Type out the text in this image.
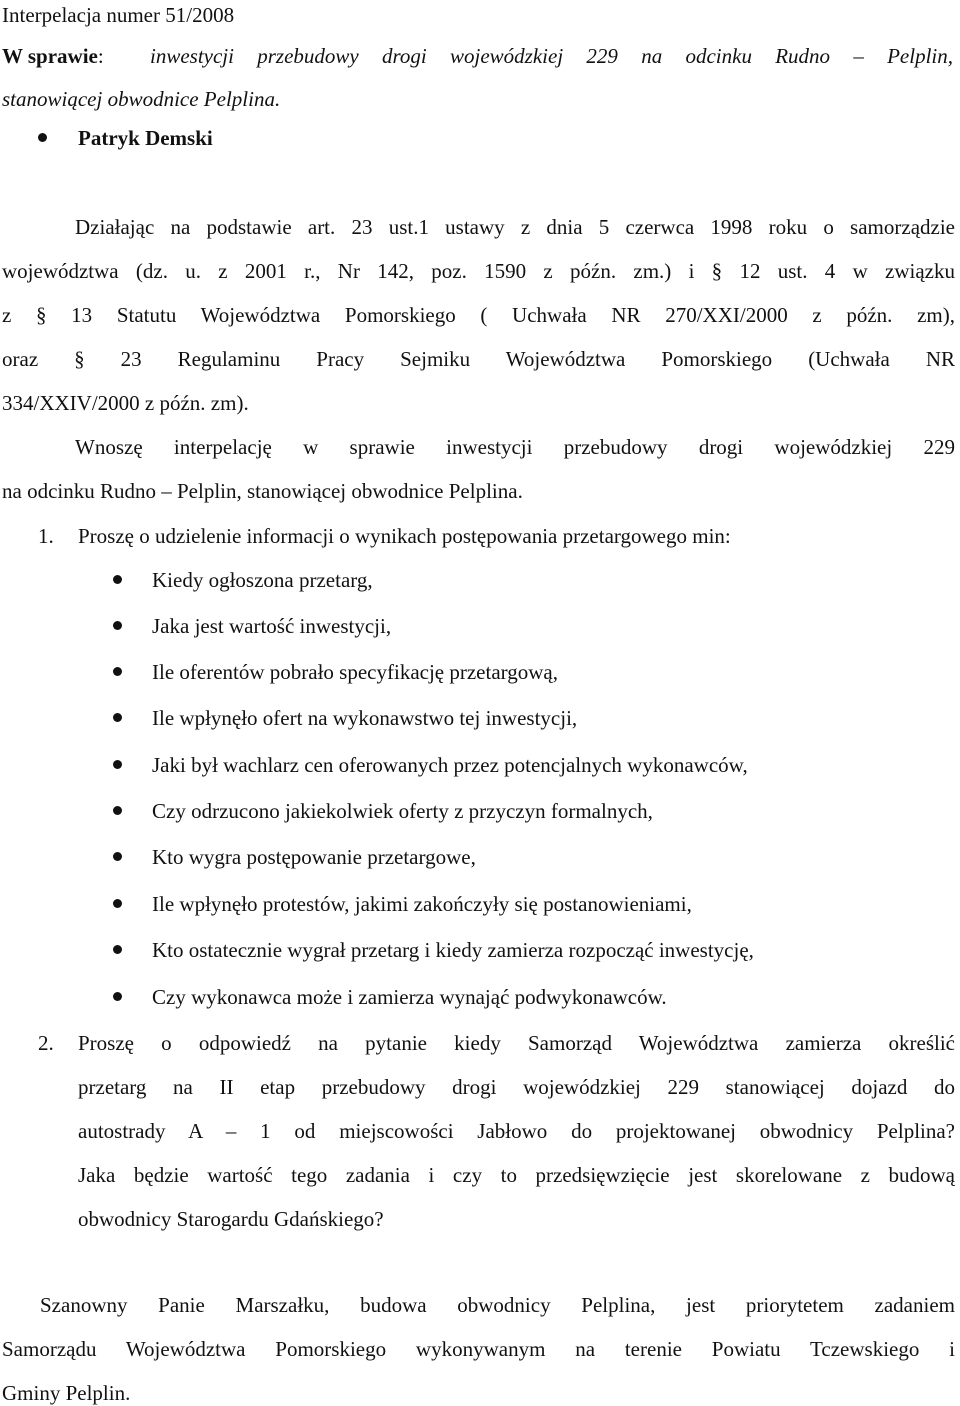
Interpelacja numer 51/2008
W sprawie: inwestycji przebudowy drogi wojewódzkiej 229 na odcinku Rudno – Pelplin,
stanowiącej obwodnice Pelplina.
Patryk Demski
Działając na podstawie art. 23 ust.1 ustawy z dnia 5 czerwca 1998 roku o samorządzie
województwa (dz. u. z 2001 r., Nr 142, poz. 1590 z późn. zm.) i § 12 ust. 4 w związku
z § 13 Statutu Województwa Pomorskiego ( Uchwała NR 270/XXI/2000 z późn. zm),
oraz § 23 Regulaminu Pracy Sejmiku Województwa Pomorskiego (Uchwała NR
334/XXIV/2000 z późn. zm).
Wnoszę interpelację w sprawie inwestycji przebudowy drogi wojewódzkiej 229
na odcinku Rudno – Pelplin, stanowiącej obwodnice Pelplina.
1. Proszę o udzielenie informacji o wynikach postępowania przetargowego min:
Kiedy ogłoszona przetarg,
Jaka jest wartość inwestycji,
Ile oferentów pobrało specyfikację przetargową,
Ile wpłynęło ofert na wykonawstwo tej inwestycji,
Jaki był wachlarz cen oferowanych przez potencjalnych wykonawców,
Czy odrzucono jakiekolwiek oferty z przyczyn formalnych,
Kto wygra postępowanie przetargowe,
Ile wpłynęło protestów, jakimi zakończyły się postanowieniami,
Kto ostatecznie wygrał przetarg i kiedy zamierza rozpocząć inwestycję,
Czy wykonawca może i zamierza wynająć podwykonawców.
2. Proszę o odpowiedź na pytanie kiedy Samorząd Województwa zamierza określić
przetarg na II etap przebudowy drogi wojewódzkiej 229 stanowiącej dojazd do
autostrady A – 1 od miejscowości Jabłowo do projektowanej obwodnicy Pelplina?
Jaka będzie wartość tego zadania i czy to przedsięwzięcie jest skorelowane z budową
obwodnicy Starogardu Gdańskiego?
Szanowny Panie Marszałku, budowa obwodnicy Pelplina, jest priorytetem zadaniem
Samorządu Województwa Pomorskiego wykonywanym na terenie Powiatu Tczewskiego i
Gminy Pelplin.
